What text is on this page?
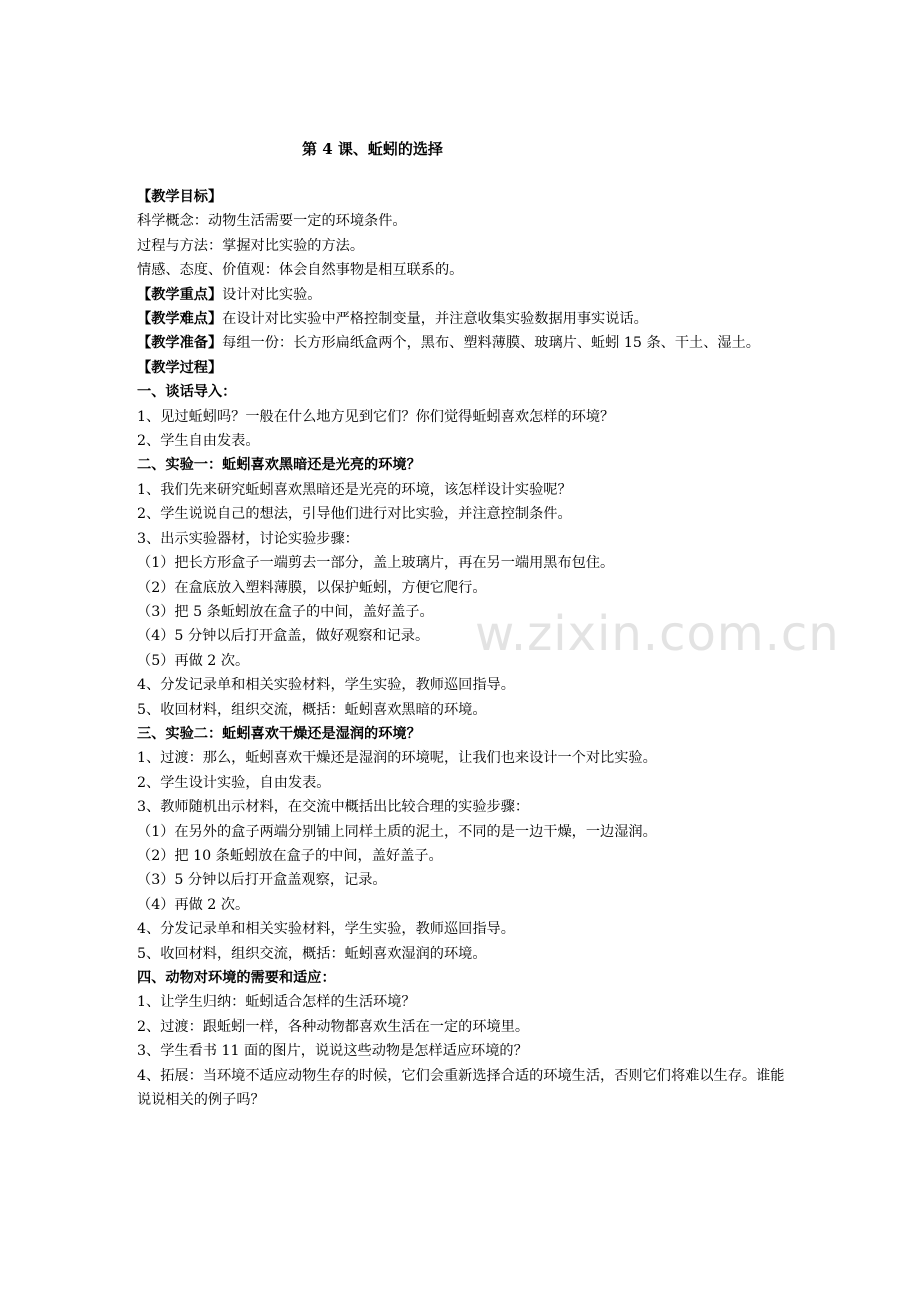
第 4 课、蚯蚓的选择
【教学目标】
科学概念：动物生活需要一定的环境条件。
过程与方法：掌握对比实验的方法。
情感、态度、价值观：体会自然事物是相互联系的。
【教学重点】设计对比实验。
【教学难点】在设计对比实验中严格控制变量，并注意收集实验数据用事实说话。
【教学准备】每组一份：长方形扁纸盒两个，黑布、塑料薄膜、玻璃片、蚯蚓 15 条、干土、湿土。
【教学过程】
一、谈话导入：
1、见过蚯蚓吗？一般在什么地方见到它们？你们觉得蚯蚓喜欢怎样的环境？
2、学生自由发表。
二、实验一：蚯蚓喜欢黑暗还是光亮的环境？
1、我们先来研究蚯蚓喜欢黑暗还是光亮的环境，该怎样设计实验呢？
2、学生说说自己的想法，引导他们进行对比实验，并注意控制条件。
3、出示实验器材，讨论实验步骤：
（1）把长方形盒子一端剪去一部分，盖上玻璃片，再在另一端用黑布包住。
（2）在盒底放入塑料薄膜，以保护蚯蚓，方便它爬行。
（3）把 5 条蚯蚓放在盒子的中间，盖好盖子。
（4）5 分钟以后打开盒盖，做好观察和记录。
（5）再做 2 次。
4、分发记录单和相关实验材料，学生实验，教师巡回指导。
5、收回材料，组织交流，概括：蚯蚓喜欢黑暗的环境。
三、实验二：蚯蚓喜欢干燥还是湿润的环境？
1、过渡：那么，蚯蚓喜欢干燥还是湿润的环境呢，让我们也来设计一个对比实验。
2、学生设计实验，自由发表。
3、教师随机出示材料，在交流中概括出比较合理的实验步骤：
（1）在另外的盒子两端分别铺上同样土质的泥土，不同的是一边干燥，一边湿润。
（2）把 10 条蚯蚓放在盒子的中间，盖好盖子。
（3）5 分钟以后打开盒盖观察，记录。
（4）再做 2 次。
4、分发记录单和相关实验材料，学生实验，教师巡回指导。
5、收回材料，组织交流，概括：蚯蚓喜欢湿润的环境。
四、动物对环境的需要和适应：
1、让学生归纳：蚯蚓适合怎样的生活环境？
2、过渡：跟蚯蚓一样，各种动物都喜欢生活在一定的环境里。
3、学生看书 11 面的图片，说说这些动物是怎样适应环境的？
4、拓展：当环境不适应动物生存的时候，它们会重新选择合适的环境生活，否则它们将难以生存。谁能说说相关的例子吗？
w.zixin.com.cn
